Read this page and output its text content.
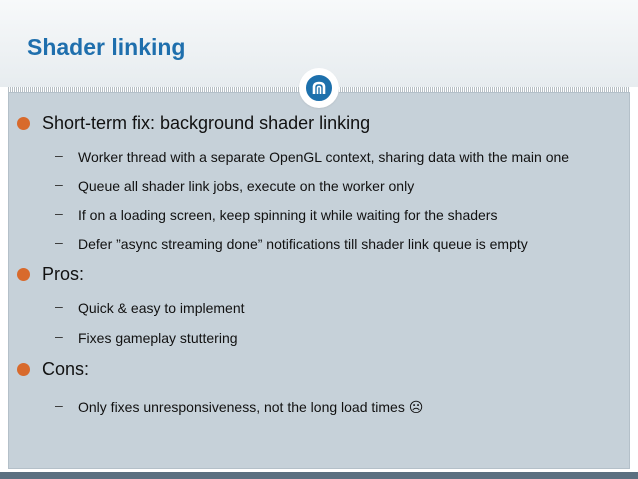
Shader linking
Short-term fix: background shader linking
– Worker thread with a separate OpenGL context, sharing data with the main one
– Queue all shader link jobs, execute on the worker only
– If on a loading screen, keep spinning it while waiting for the shaders
– Defer ”async streaming done” notifications till shader link queue is empty
Pros:
– Quick & easy to implement
– Fixes gameplay stuttering
Cons:
– Only fixes unresponsiveness, not the long load times ☹
